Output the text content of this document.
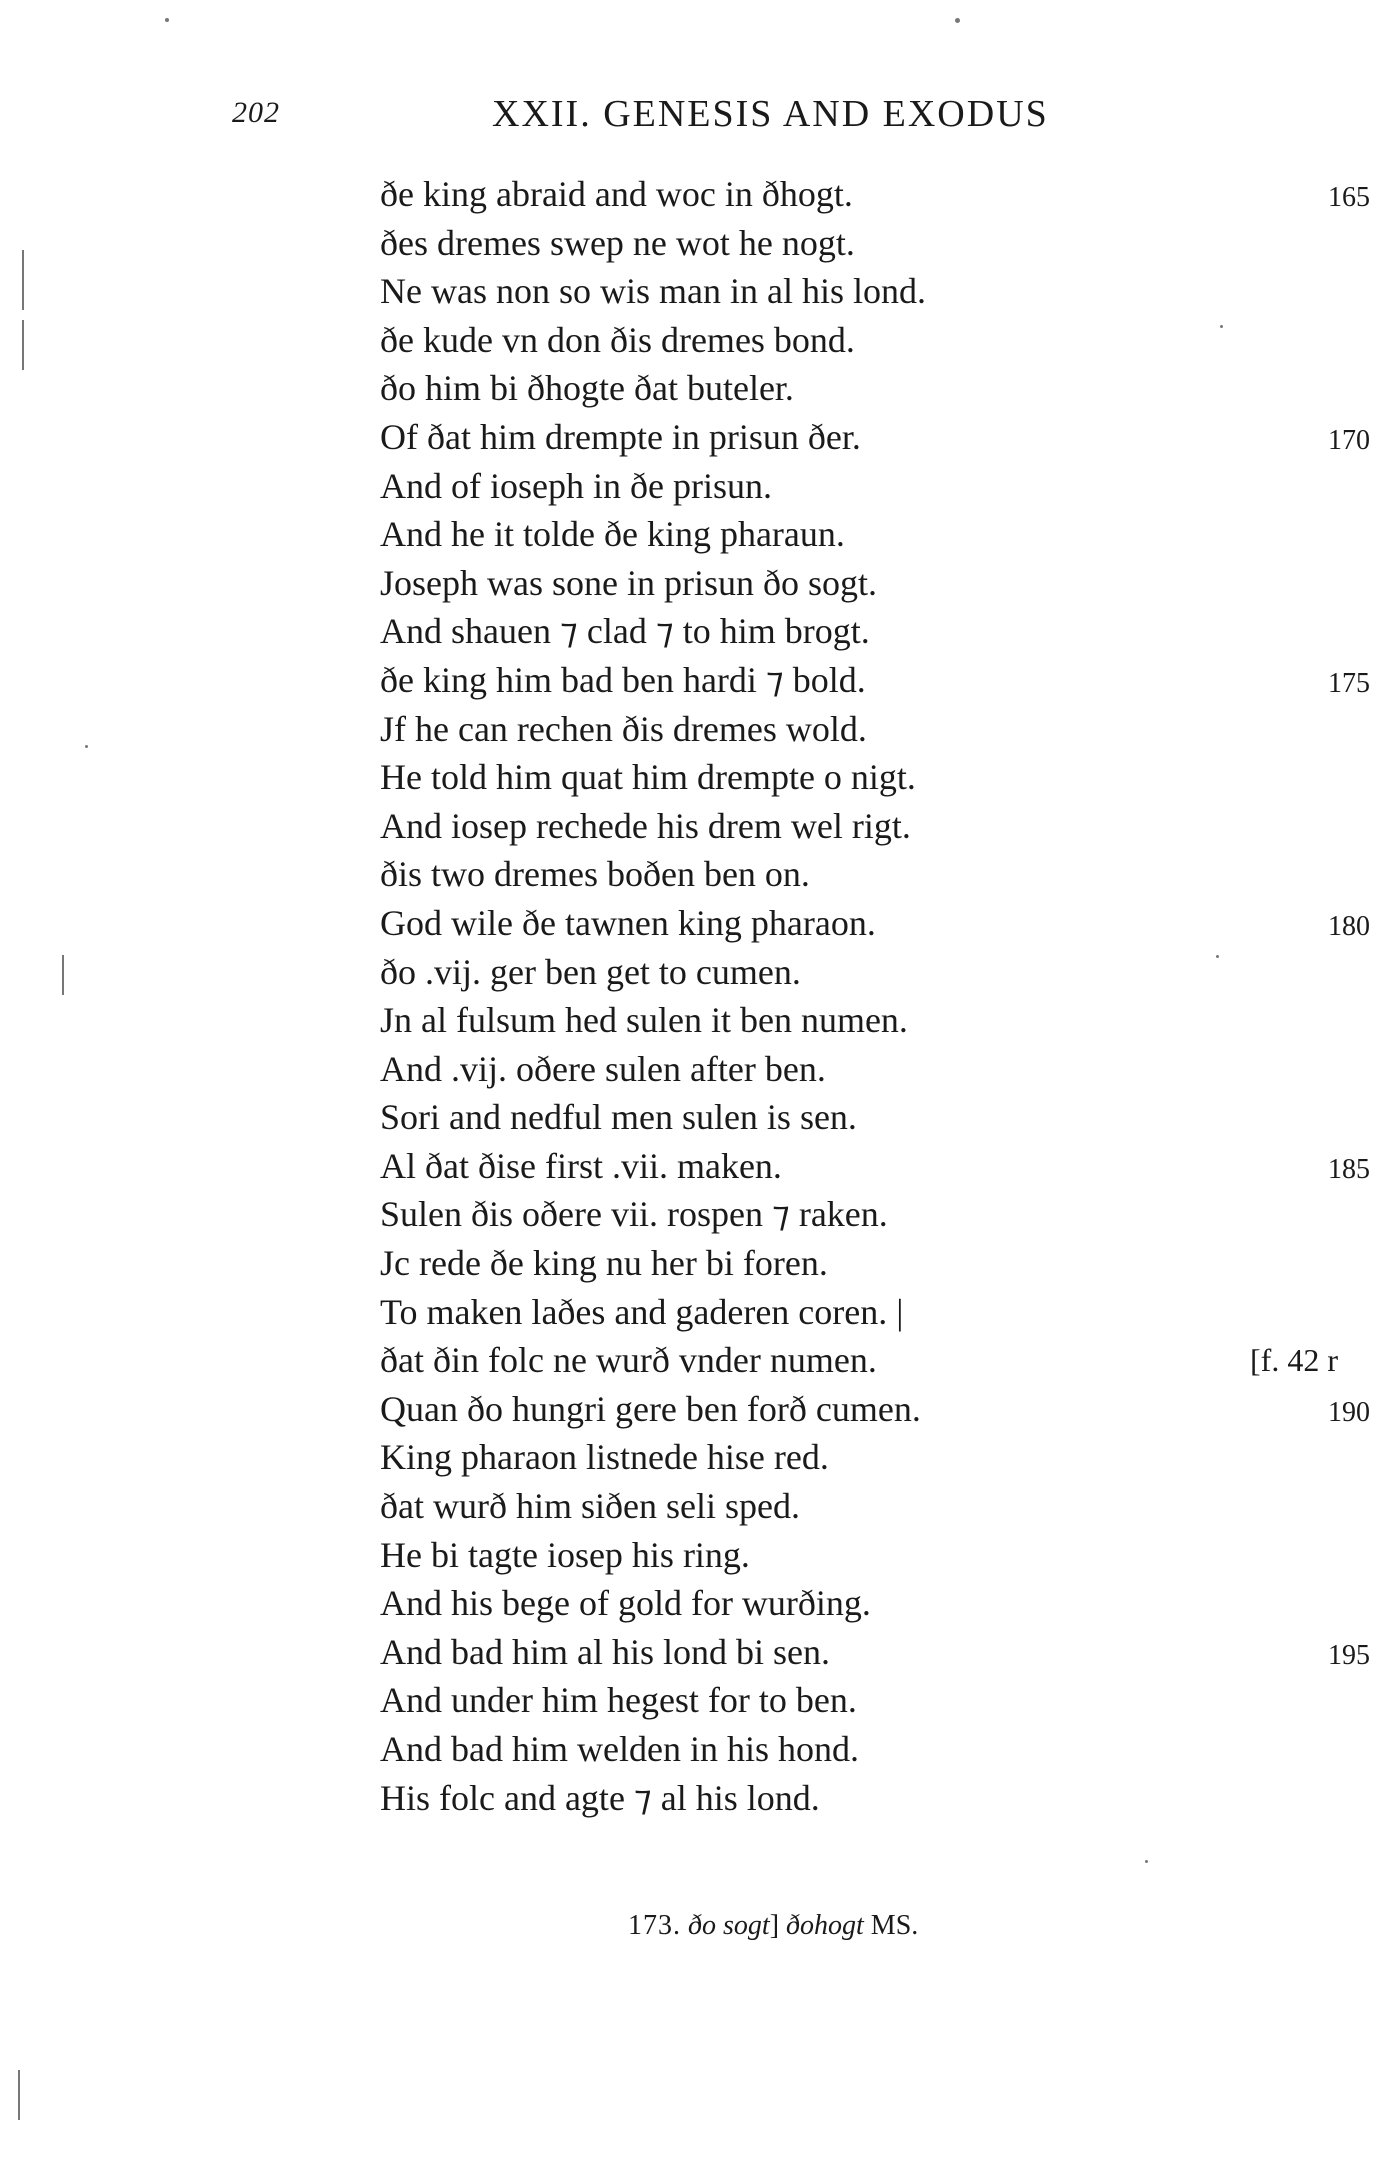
202	XXII. GENESIS AND EXODUS
ðe king abraid and woc in ðhogt.	165
ðes dremes swep ne wot he nogt.
Ne was non so wis man in al his lond.
ðe kude vn don ðis dremes bond.
ðo him bi ðhogte ðat buteler.
Of ðat him drempte in prisun ðer.	170
And of ioseph in ðe prisun.
And he it tolde ðe king pharaun.
Joseph was sone in prisun ðo sogt.
And shauen ⁊ clad ⁊ to him brogt.
ðe king him bad ben hardi ⁊ bold.	175
Jf he can rechen ðis dremes wold.
He told him quat him drempte o nigt.
And iosep rechede his drem wel rigt.
ðis two dremes boðen ben on.
God wile ðe tawnen king pharaon.	180
ðo .vij. ger ben get to cumen.
Jn al fulsum hed sulen it ben numen.
And .vij. oðere sulen after ben.
Sori and nedful men sulen is sen.
Al ðat ðise first .vii. maken.	185
Sulen ðis oðere vii. rospen ⁊ raken.
Jc rede ðe king nu her bi foren.
To maken laðes and gaderen coren. |
ðat ðin folc ne wurð vnder numen.	[f. 42 r
Quan ðo hungri gere ben forð cumen.	190
King pharaon listnede hise red.
ðat wurð him siðen seli sped.
He bi tagte iosep his ring.
And his bege of gold for wurðing.
And bad him al his lond bi sen.	195
And under him hegest for to ben.
And bad him welden in his hond.
His folc and agte ⁊ al his lond.
173. ðo sogt] ðohogt MS.
